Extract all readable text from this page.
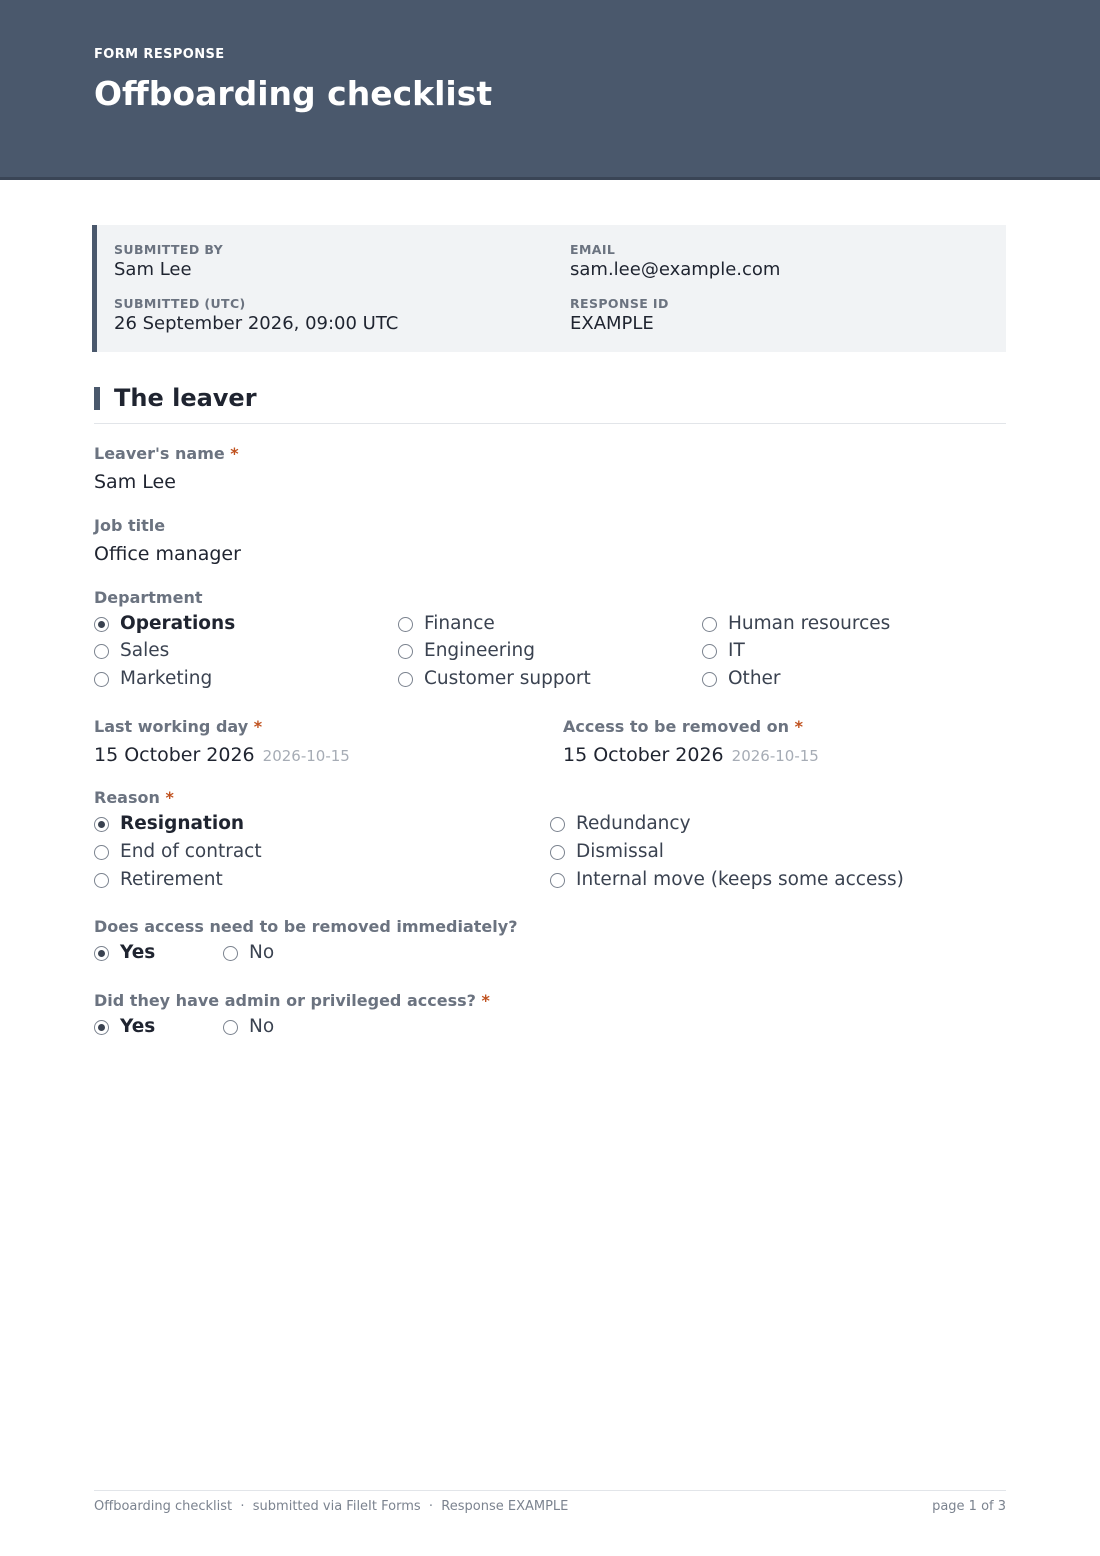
FORM RESPONSE
Offboarding checklist
SUBMITTED BY
Sam Lee
EMAIL
sam.lee@example.com
SUBMITTED (UTC)
26 September 2026, 09:00 UTC
RESPONSE ID
EXAMPLE
The leaver
Leaver's name *
Sam Lee
Job title
Office manager
Department
Operations	Finance	Human resources
Sales	Engineering	IT
Marketing	Customer support	Other
Last working day *
15 October 2026 2026-10-15
Access to be removed on *
15 October 2026 2026-10-15
Reason *
Resignation	Redundancy
End of contract	Dismissal
Retirement	Internal move (keeps some access)
Does access need to be removed immediately?
Yes	No
Did they have admin or privileged access? *
Yes	No
Offboarding checklist  ·  submitted via FileIt Forms  ·  Response EXAMPLE	page 1 of 3
